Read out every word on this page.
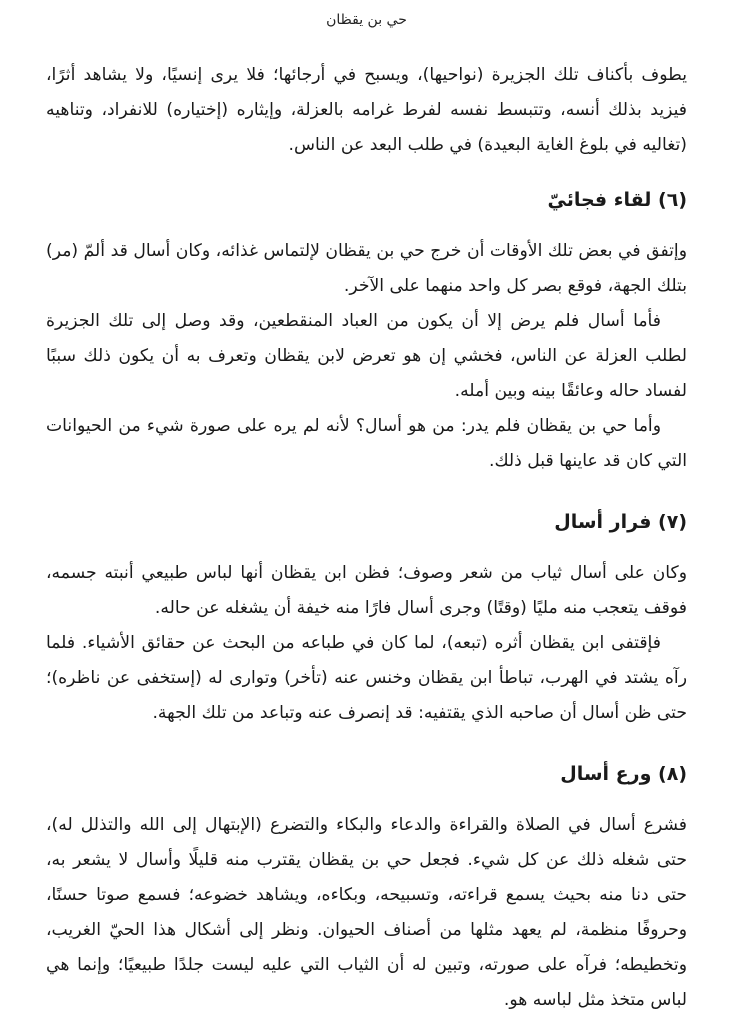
حي بن يقظان

يطوف بأكناف تلك الجزيرة (نواحيها)، ويسبح في أرجائها؛ فلا يرى إنسيًا، ولا يشاهد أثرًا، فيزيد بذلك أنسه، وتتبسط نفسه لفرط غرامه بالعزلة، وإيثاره (إختياره) للانفراد، وتناهيه (تغاليه في بلوغ الغاية البعيدة) في طلب البعد عن الناس.

(٦) لقاء فجائيّ

وإتفق في بعض تلك الأوقات أن خرج حي بن يقظان لإلتماس غذائه، وكان أسال قد ألمّ (مر) بتلك الجهة، فوقع بصر كل واحد منهما على الآخر.

فأما أسال فلم يرض إلا أن يكون من العباد المنقطعين، وقد وصل إلى تلك الجزيرة لطلب العزلة عن الناس، فخشي إن هو تعرض لابن يقظان وتعرف به أن يكون ذلك سببًا لفساد حاله وعائقًا بينه وبين أمله.

وأما حي بن يقظان فلم يدر: من هو أسال؟ لأنه لم يره على صورة شيء من الحيوانات التي كان قد عاينها قبل ذلك.

(٧) فرار أسال

وكان على أسال ثياب من شعر وصوف؛ فظن ابن يقظان أنها لباس طبيعي أنبته جسمه، فوقف يتعجب منه مليًا (وقتًا) وجرى أسال فارًا منه خيفة أن يشغله عن حاله.

فإقتفى ابن يقظان أثره (تبعه)، لما كان في طباعه من البحث عن حقائق الأشياء. فلما رآه يشتد في الهرب، تباطأ ابن يقظان وخنس عنه (تأخر) وتوارى له (إستخفى عن ناظره)؛ حتى ظن أسال أن صاحبه الذي يقتفيه: قد إنصرف عنه وتباعد من تلك الجهة.

(٨) ورع أسال

فشرع أسال في الصلاة والقراءة والدعاء والبكاء والتضرع (الإبتهال إلى الله والتذلل له)، حتى شغله ذلك عن كل شيء. فجعل حي بن يقظان يقترب منه قليلًا وأسال لا يشعر به، حتى دنا منه بحيث يسمع قراءته، وتسبيحه، وبكاءه، ويشاهد خضوعه؛ فسمع صوتا حسنًا، وحروفًا منظمة، لم يعهد مثلها من أصناف الحيوان. ونظر إلى أشكال هذا الحيّ الغريب، وتخطيطه؛ فرآه على صورته، وتبين له أن الثياب التي عليه ليست جلدًا طبيعيًا؛ وإنما هي لباس متخذ مثل لباسه هو.
